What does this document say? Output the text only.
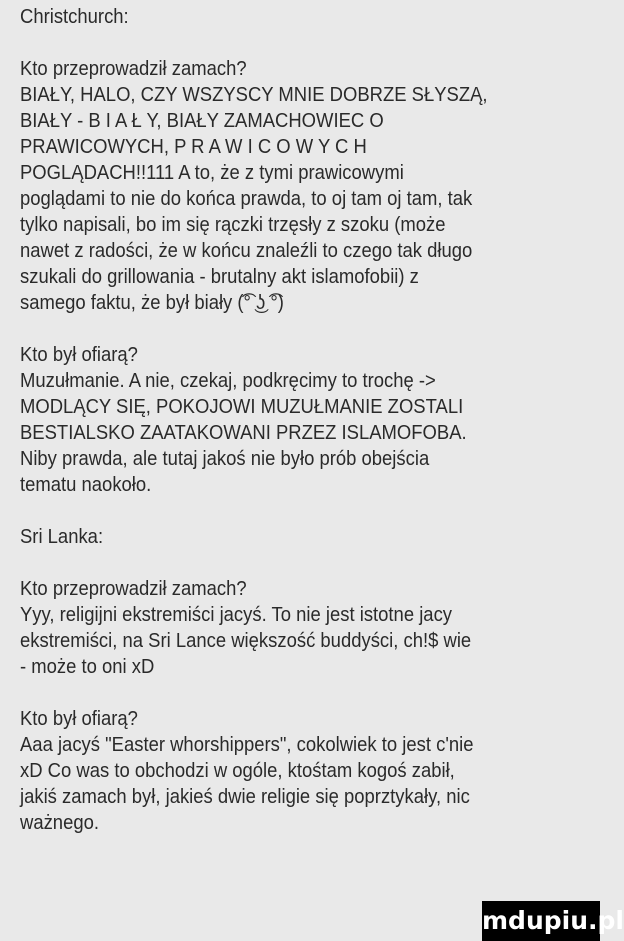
Christchurch:
Kto przeprowadził zamach?
BIAŁY, HALO, CZY WSZYSCY MNIE DOBRZE SŁYSZĄ,
BIAŁY - B I A Ł Y, BIAŁY ZAMACHOWIEC O
PRAWICOWYCH, P R A W I C O W Y C H
POGLĄDACH!!111 A to, że z tymi prawicowymi
poglądami to nie do końca prawda, to oj tam oj tam, tak
tylko napisali, bo im się rączki trzęsły z szoku (może
nawet z radości, że w końcu znaleźli to czego tak długo
szukali do grillowania - brutalny akt islamofobii) z
samego faktu, że był biały (͡° ͜ʖ ͡°)
Kto był ofiarą?
Muzułmanie. A nie, czekaj, podkręcimy to trochę ->
MODLĄCY SIĘ, POKOJOWI MUZUŁMANIE ZOSTALI
BESTIALSKO ZAATAKOWANI PRZEZ ISLAMOFOBA.
Niby prawda, ale tutaj jakoś nie było prób obejścia
tematu naokoło.
Sri Lanka:
Kto przeprowadził zamach?
Yyy, religijni ekstremiści jacyś. To nie jest istotne jacy
ekstremiści, na Sri Lance większość buddyści, ch!$ wie
- może to oni xD
Kto był ofiarą?
Aaa jacyś "Easter whorshippers", cokolwiek to jest c'nie
xD Co was to obchodzi w ogóle, ktośtam kogoś zabił,
jakiś zamach był, jakieś dwie religie się poprztykały, nic
ważnego.
mdupiu.pl
